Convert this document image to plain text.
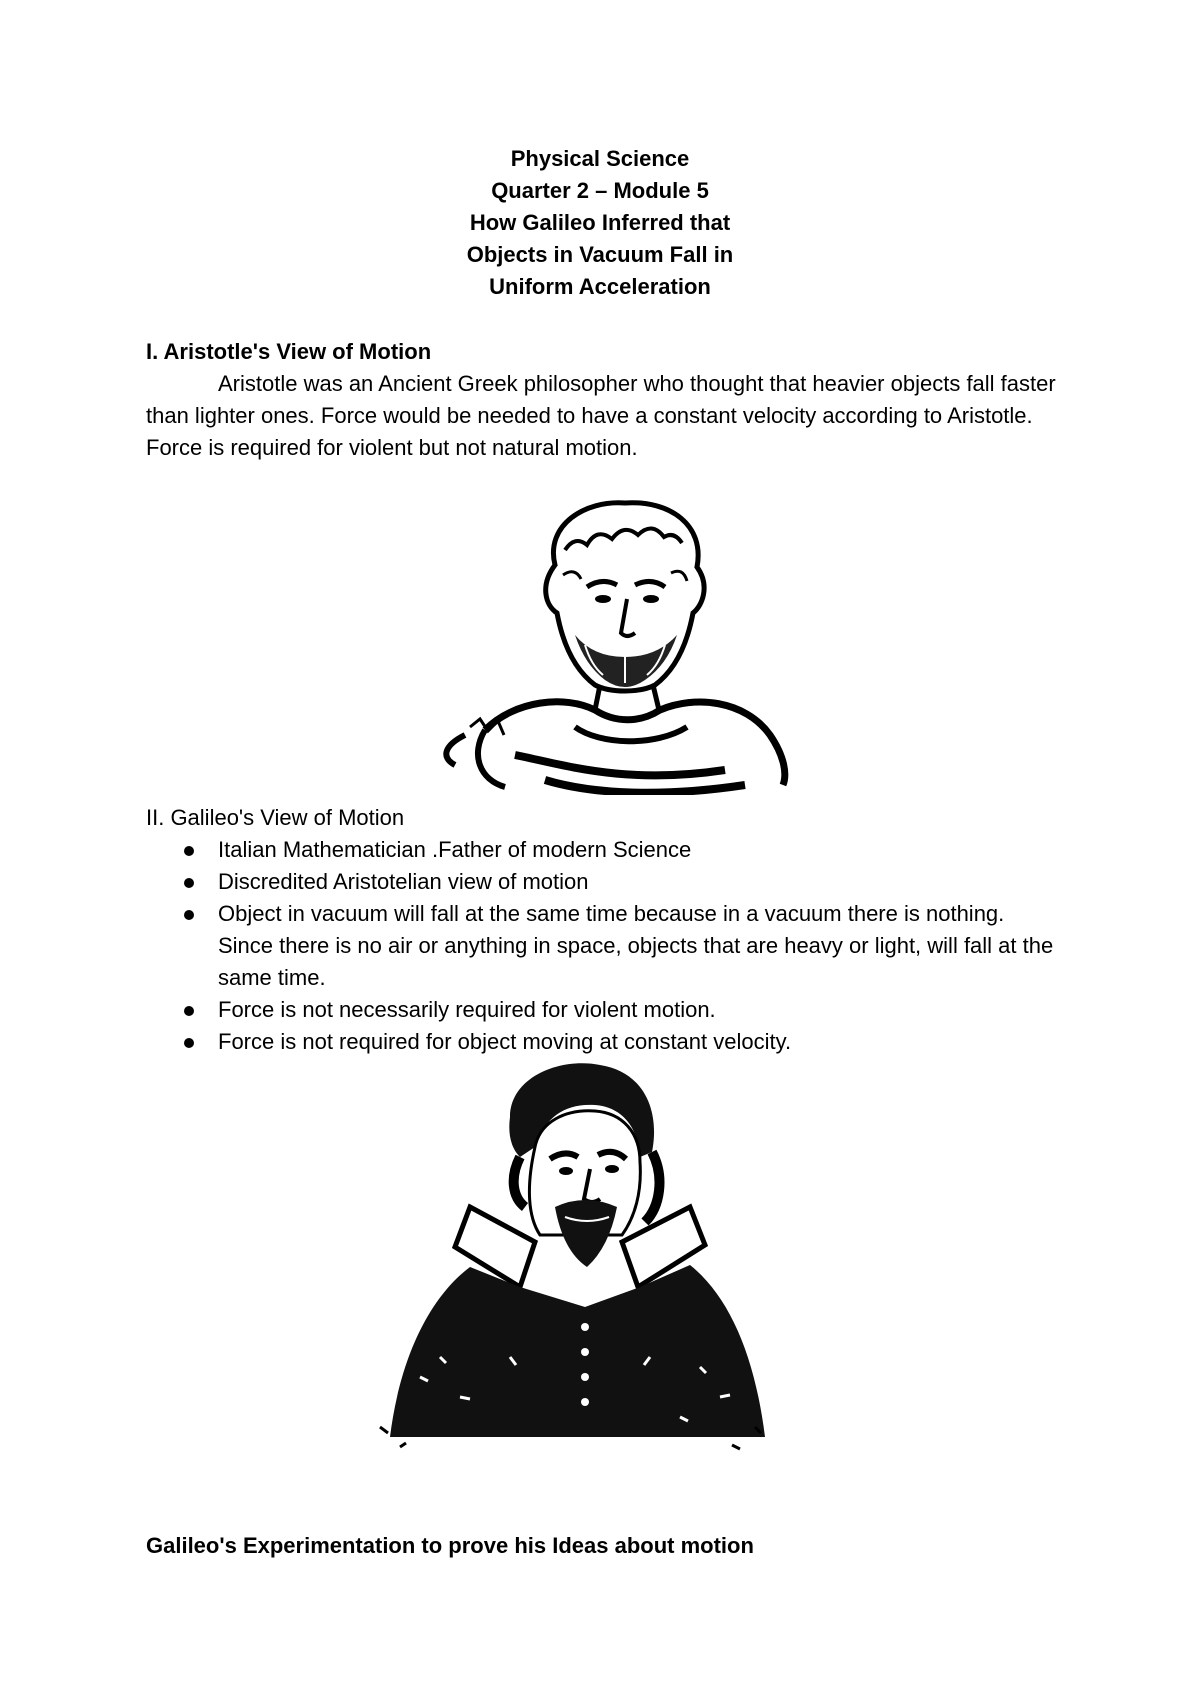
Physical Science
Quarter 2 – Module 5
How Galileo Inferred that
Objects in Vacuum Fall in
Uniform Acceleration
I. Aristotle's View of Motion
Aristotle was an Ancient Greek philosopher who thought that heavier objects fall faster than lighter ones. Force would be needed to have a constant velocity according to Aristotle. Force is required for violent but not natural motion.
II. Galileo's View of Motion
Italian Mathematician .Father of modern Science
Discredited Aristotelian view of motion
Object in vacuum will fall at the same time because in a vacuum there is nothing. Since there is no air or anything in space, objects that are heavy or light, will fall at the same time.
Force is not necessarily required for violent motion.
Force is not required for object moving at constant velocity.
Galileo's Experimentation to prove his Ideas about motion
